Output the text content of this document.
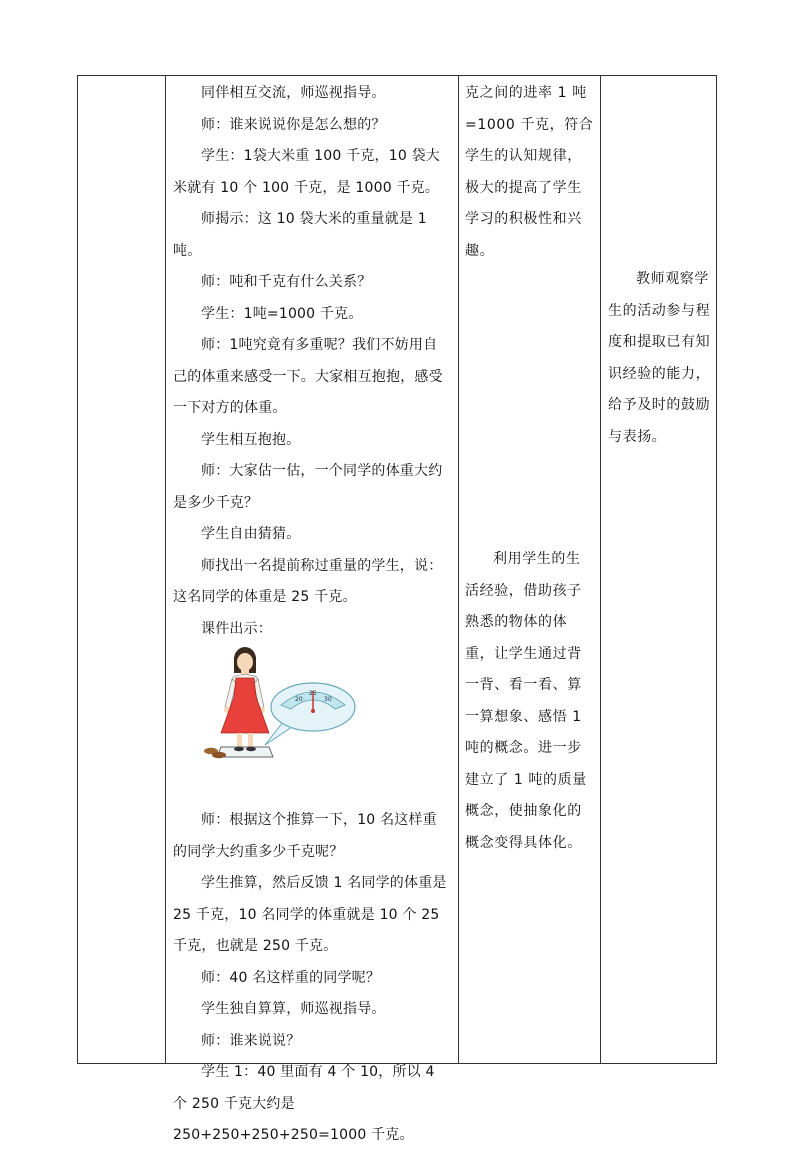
同伴相互交流，师巡视指导。

师：谁来说说你是怎么想的？

学生：1袋大米重 100 千克，10 袋大米就有 10 个 100 千克，是 1000 千克。

师揭示：这 10 袋大米的重量就是 1 吨。

师：吨和千克有什么关系？

学生：1吨=1000 千克。

师：1吨究竟有多重呢？我们不妨用自己的体重来感受一下。大家相互抱抱，感受一下对方的体重。

学生相互抱抱。

师：大家估一估，一个同学的体重大约是多少千克？

学生自由猜猜。

师找出一名提前称过重量的学生，说：这名同学的体重是 25 千克。

课件出示：

20
25
30

师：根据这个推算一下，10 名这样重的同学大约重多少千克呢？

学生推算，然后反馈 1 名同学的体重是 25 千克，10 名同学的体重就是 10 个 25 千克，也就是 250 千克。

师：40 名这样重的同学呢？

学生独自算算，师巡视指导。

师：谁来说说？

学生 1：40 里面有 4 个 10，所以 4 个 250 千克大约是 250+250+250+250=1000 千克。

克之间的进率 1 吨=1000 千克，符合学生的认知规律，极大的提高了学生学习的积极性和兴趣。

利用学生的生活经验，借助孩子熟悉的物体的体重，让学生通过背一背、看一看、算一算想象、感悟 1 吨的概念。进一步建立了 1 吨的质量概念，使抽象化的概念变得具体化。

教师观察学生的活动参与程度和提取已有知识经验的能力，给予及时的鼓励与表扬。
